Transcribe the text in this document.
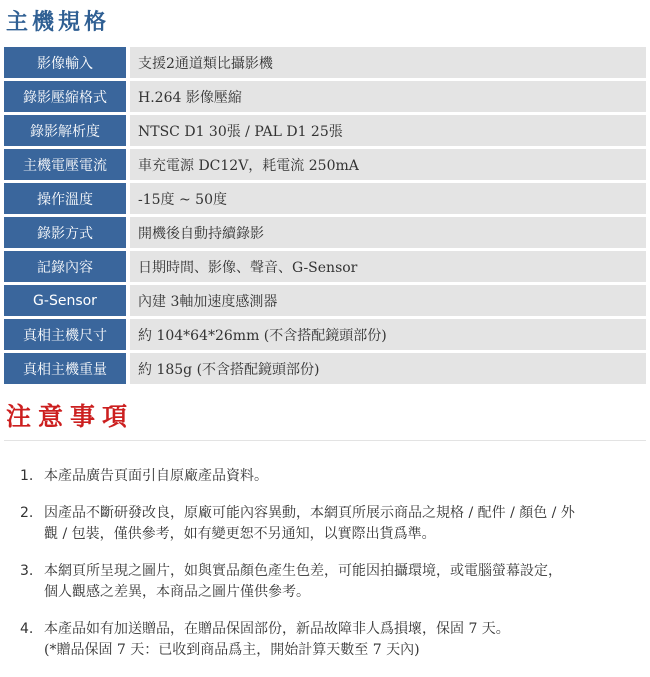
主機規格
影像輸入	支援2通道類比攝影機
錄影壓縮格式	H.264 影像壓縮
錄影解析度	NTSC D1 30張 / PAL D1 25張
主機電壓電流	車充電源 DC12V，耗電流 250mA
操作溫度	-15度 ~ 50度
錄影方式	開機後自動持續錄影
記錄內容	日期時間、影像、聲音、G-Sensor
G-Sensor	內建 3軸加速度感測器
真相主機尺寸	約 104*64*26mm (不含搭配鏡頭部份)
真相主機重量	約 185g (不含搭配鏡頭部份)
注意事項
1. 本產品廣告頁面引自原廠產品資料。
2. 因產品不斷研發改良，原廠可能內容異動，本網頁所展示商品之規格 / 配件 / 顏色 / 外
觀 / 包裝，僅供參考，如有變更恕不另通知，以實際出貨爲準。
3. 本網頁所呈現之圖片，如與實品顏色產生色差，可能因拍攝環境，或電腦螢幕設定，
個人觀感之差異，本商品之圖片僅供參考。
4. 本產品如有加送贈品，在贈品保固部份，新品故障非人爲損壞，保固 7 天。
(*贈品保固 7 天：已收到商品爲主，開始計算天數至 7 天內)
